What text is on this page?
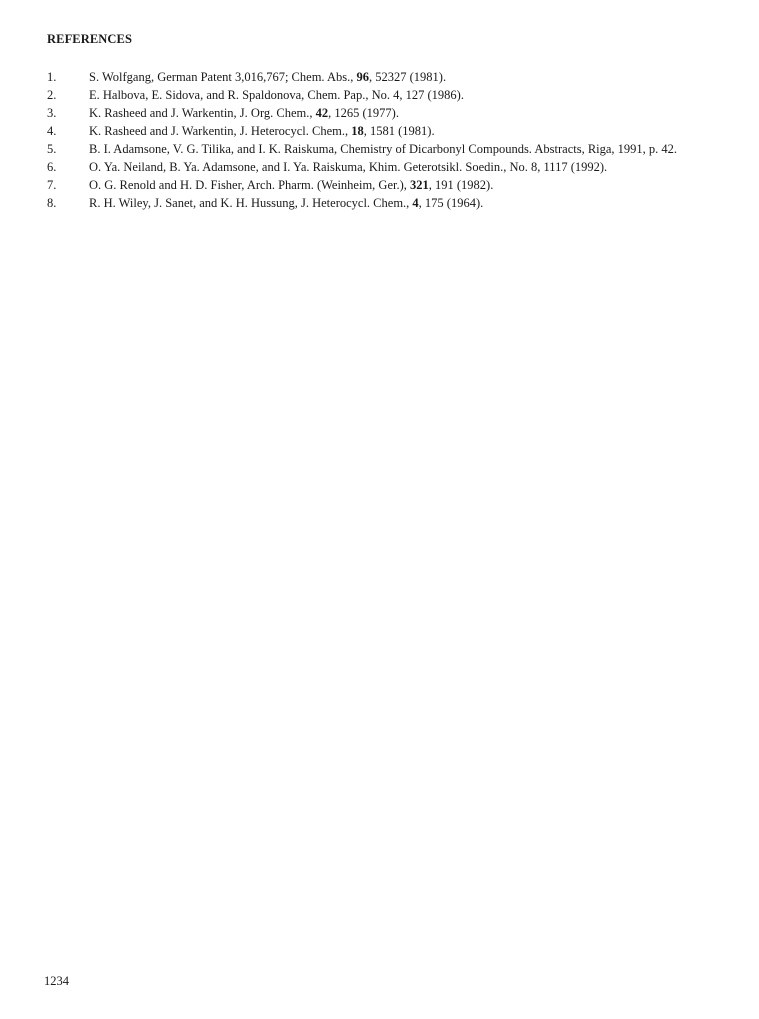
REFERENCES
1.	S. Wolfgang, German Patent 3,016,767; Chem. Abs., 96, 52327 (1981).
2.	E. Halbova, E. Sidova, and R. Spaldonova, Chem. Pap., No. 4, 127 (1986).
3.	K. Rasheed and J. Warkentin, J. Org. Chem., 42, 1265 (1977).
4.	K. Rasheed and J. Warkentin, J. Heterocycl. Chem., 18, 1581 (1981).
5.	B. I. Adamsone, V. G. Tilika, and I. K. Raiskuma, Chemistry of Dicarbonyl Compounds. Abstracts, Riga, 1991, p. 42.
6.	O. Ya. Neiland, B. Ya. Adamsone, and I. Ya. Raiskuma, Khim. Geterotsikl. Soedin., No. 8, 1117 (1992).
7.	O. G. Renold and H. D. Fisher, Arch. Pharm. (Weinheim, Ger.), 321, 191 (1982).
8.	R. H. Wiley, J. Sanet, and K. H. Hussung, J. Heterocycl. Chem., 4, 175 (1964).
1234
